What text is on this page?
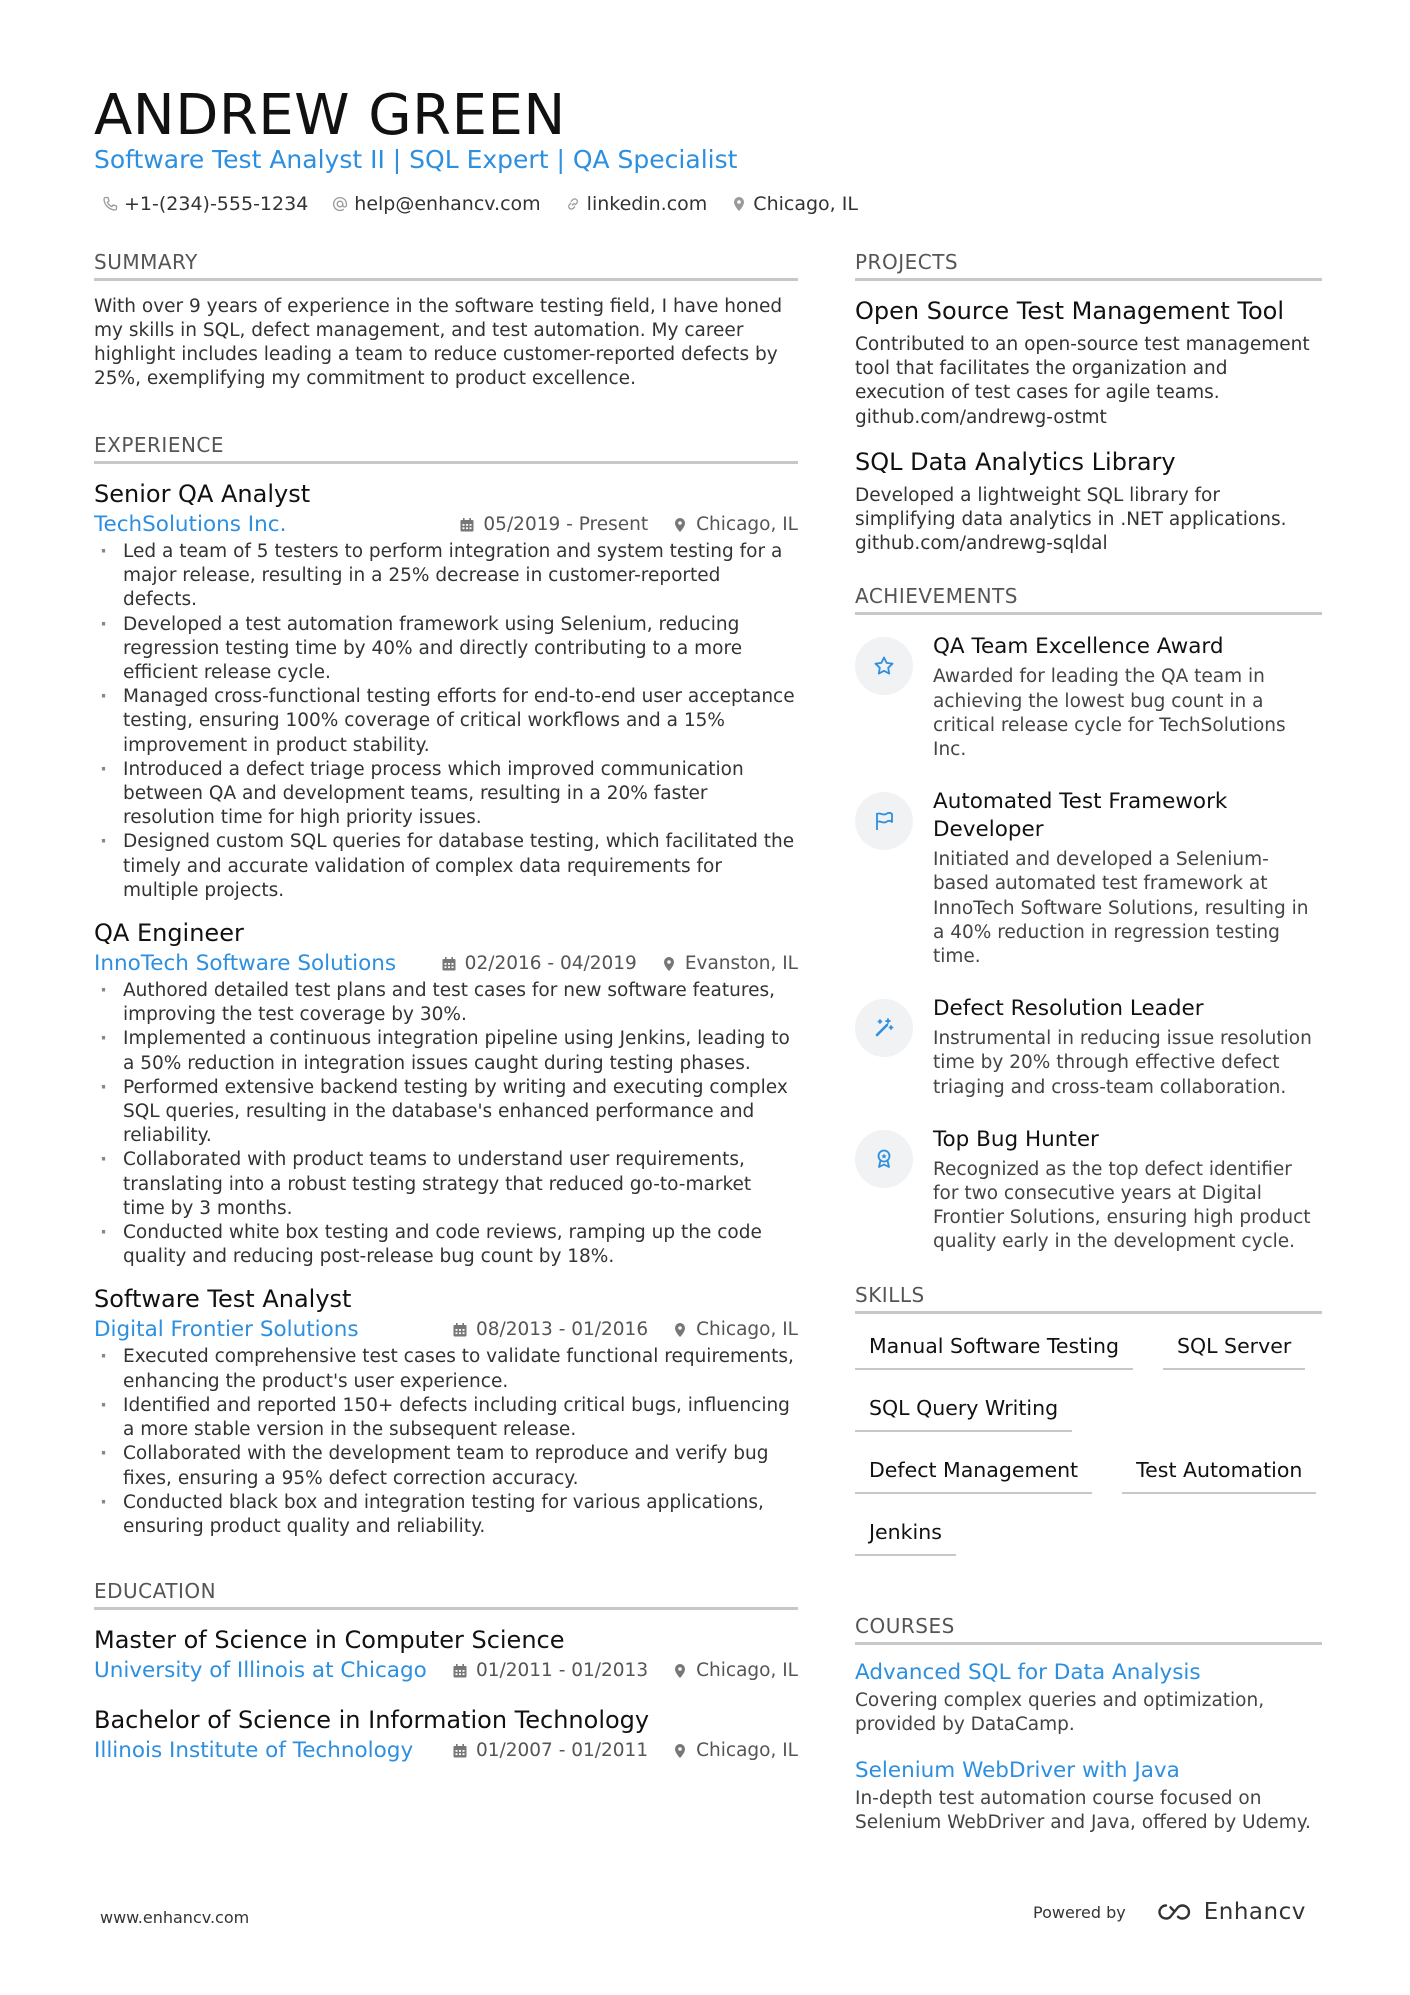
ANDREW GREEN
Software Test Analyst II | SQL Expert | QA Specialist
+1-(234)-555-1234 help@enhancv.com linkedin.com Chicago, IL
SUMMARY
With over 9 years of experience in the software testing field, I have honed my skills in SQL, defect management, and test automation. My career highlight includes leading a team to reduce customer-reported defects by 25%, exemplifying my commitment to product excellence.
EXPERIENCE
Senior QA Analyst
TechSolutions Inc.	05/2019 - Present	Chicago, IL
· Led a team of 5 testers to perform integration and system testing for a major release, resulting in a 25% decrease in customer-reported defects.
· Developed a test automation framework using Selenium, reducing regression testing time by 40% and directly contributing to a more efficient release cycle.
· Managed cross-functional testing efforts for end-to-end user acceptance testing, ensuring 100% coverage of critical workflows and a 15% improvement in product stability.
· Introduced a defect triage process which improved communication between QA and development teams, resulting in a 20% faster resolution time for high priority issues.
· Designed custom SQL queries for database testing, which facilitated the timely and accurate validation of complex data requirements for multiple projects.
QA Engineer
InnoTech Software Solutions	02/2016 - 04/2019	Evanston, IL
· Authored detailed test plans and test cases for new software features, improving the test coverage by 30%.
· Implemented a continuous integration pipeline using Jenkins, leading to a 50% reduction in integration issues caught during testing phases.
· Performed extensive backend testing by writing and executing complex SQL queries, resulting in the database's enhanced performance and reliability.
· Collaborated with product teams to understand user requirements, translating into a robust testing strategy that reduced go-to-market time by 3 months.
· Conducted white box testing and code reviews, ramping up the code quality and reducing post-release bug count by 18%.
Software Test Analyst
Digital Frontier Solutions	08/2013 - 01/2016	Chicago, IL
· Executed comprehensive test cases to validate functional requirements, enhancing the product's user experience.
· Identified and reported 150+ defects including critical bugs, influencing a more stable version in the subsequent release.
· Collaborated with the development team to reproduce and verify bug fixes, ensuring a 95% defect correction accuracy.
· Conducted black box and integration testing for various applications, ensuring product quality and reliability.
EDUCATION
Master of Science in Computer Science
University of Illinois at Chicago	01/2011 - 01/2013	Chicago, IL
Bachelor of Science in Information Technology
Illinois Institute of Technology	01/2007 - 01/2011	Chicago, IL
PROJECTS
Open Source Test Management Tool
Contributed to an open-source test management tool that facilitates the organization and execution of test cases for agile teams.
github.com/andrewg-ostmt
SQL Data Analytics Library
Developed a lightweight SQL library for simplifying data analytics in .NET applications.
github.com/andrewg-sqldal
ACHIEVEMENTS
QA Team Excellence Award
Awarded for leading the QA team in achieving the lowest bug count in a critical release cycle for TechSolutions Inc.
Automated Test Framework Developer
Initiated and developed a Selenium-based automated test framework at InnoTech Software Solutions, resulting in a 40% reduction in regression testing time.
Defect Resolution Leader
Instrumental in reducing issue resolution time by 20% through effective defect triaging and cross-team collaboration.
Top Bug Hunter
Recognized as the top defect identifier for two consecutive years at Digital Frontier Solutions, ensuring high product quality early in the development cycle.
SKILLS
Manual Software Testing	SQL Server
SQL Query Writing
Defect Management	Test Automation
Jenkins
COURSES
Advanced SQL for Data Analysis
Covering complex queries and optimization, provided by DataCamp.
Selenium WebDriver with Java
In-depth test automation course focused on Selenium WebDriver and Java, offered by Udemy.
www.enhancv.com	Powered by	Enhancv
